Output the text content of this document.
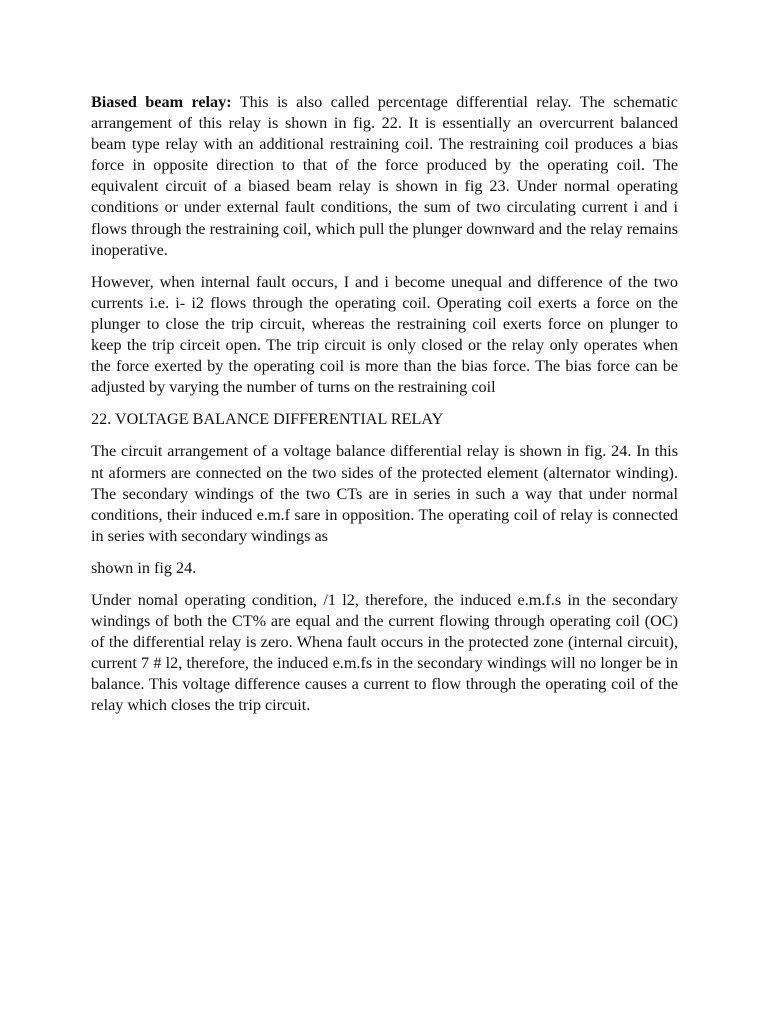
Biased beam relay: This is also called percentage differential relay. The schematic arrangement of this relay is shown in fig. 22. It is essentially an overcurrent balanced beam type relay with an additional restraining coil. The restraining coil produces a bias force in opposite direction to that of the force produced by the operating coil. The equivalent circuit of a biased beam relay is shown in fig 23. Under normal operating conditions or under external fault conditions, the sum of two circulating current i and i flows through the restraining coil, which pull the plunger downward and the relay remains inoperative.

However, when internal fault occurs, I and i become unequal and difference of the two currents i.e. i- i2 flows through the operating coil. Operating coil exerts a force on the plunger to close the trip circuit, whereas the restraining coil exerts force on plunger to keep the trip circeit open. The trip circuit is only closed or the relay only operates when the force exerted by the operating coil is more than the bias force. The bias force can be adjusted by varying the number of turns on the restraining coil

22. VOLTAGE BALANCE DIFFERENTIAL RELAY

The circuit arrangement of a voltage balance differential relay is shown in fig. 24. In this nt aformers are connected on the two sides of the protected element (alternator winding). The secondary windings of the two CTs are in series in such a way that under normal conditions, their induced e.m.f sare in opposition. The operating coil of relay is connected in series with secondary windings as

shown in fig 24.

Under nomal operating condition, /1 l2, therefore, the induced e.m.f.s in the secondary windings of both the CT% are equal and the current flowing through operating coil (OC) of the differential relay is zero. Whena fault occurs in the protected zone (internal circuit), current 7 # l2, therefore, the induced e.m.fs in the secondary windings will no longer be in balance. This voltage difference causes a current to flow through the operating coil of the relay which closes the trip circuit.
